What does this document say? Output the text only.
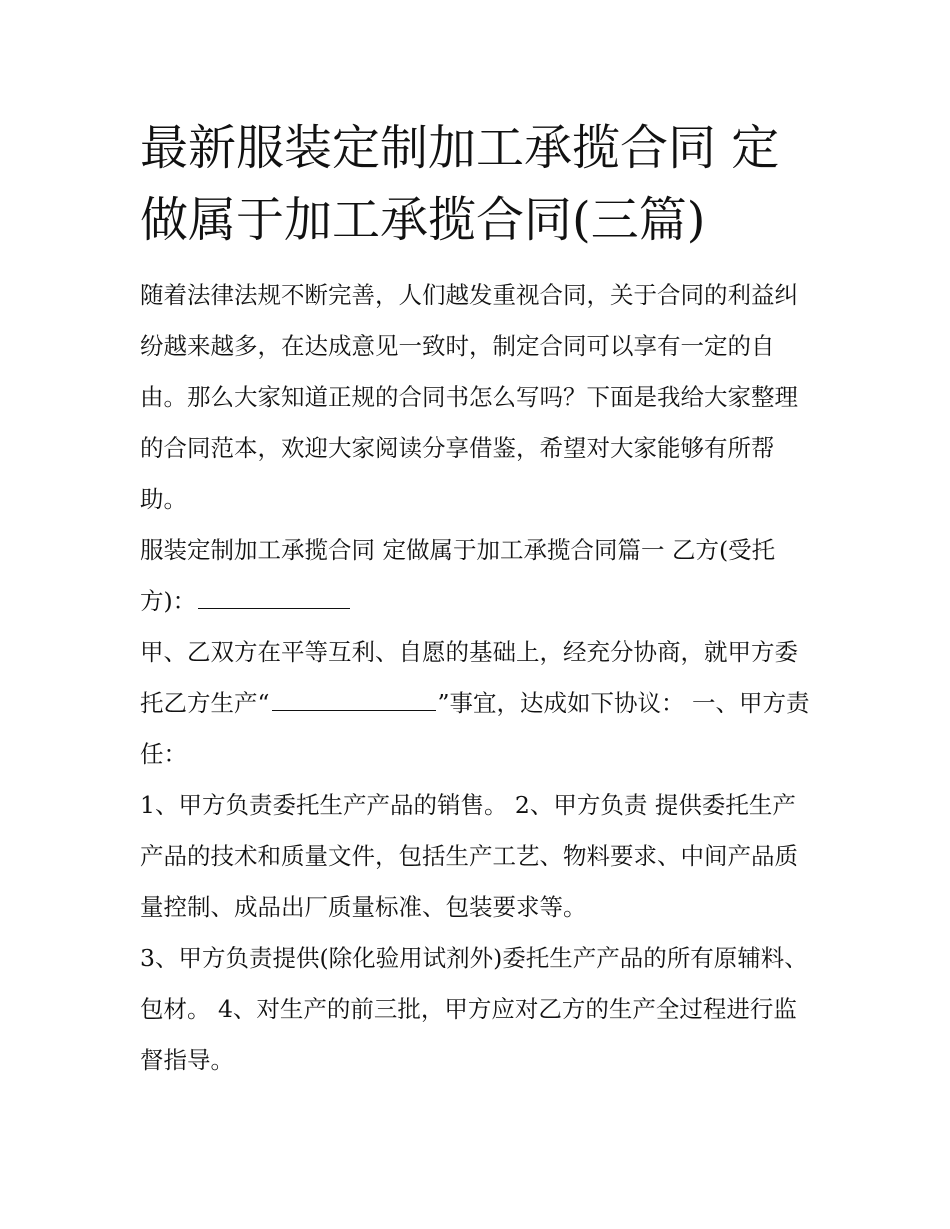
最新服装定制加工承揽合同 定做属于加工承揽合同(三篇)

随着法律法规不断完善，人们越发重视合同，关于合同的利益纠纷越来越多，在达成意见一致时，制定合同可以享有一定的自由。那么大家知道正规的合同书怎么写吗？下面是我给大家整理的合同范本，欢迎大家阅读分享借鉴，希望对大家能够有所帮助。

服装定制加工承揽合同 定做属于加工承揽合同篇一 乙方(受托方)：

甲、乙双方在平等互利、自愿的基础上，经充分协商，就甲方委托乙方生产“	”事宜，达成如下协议： 一、甲方责任：

1、甲方负责委托生产产品的销售。 2、甲方负责 提供委托生产产品的技术和质量文件，包括生产工艺、物料要求、中间产品质量控制、成品出厂质量标准、包装要求等。

3、甲方负责提供(除化验用试剂外)委托生产产品的所有原辅料、包材。 4、对生产的前三批，甲方应对乙方的生产全过程进行监督指导。
